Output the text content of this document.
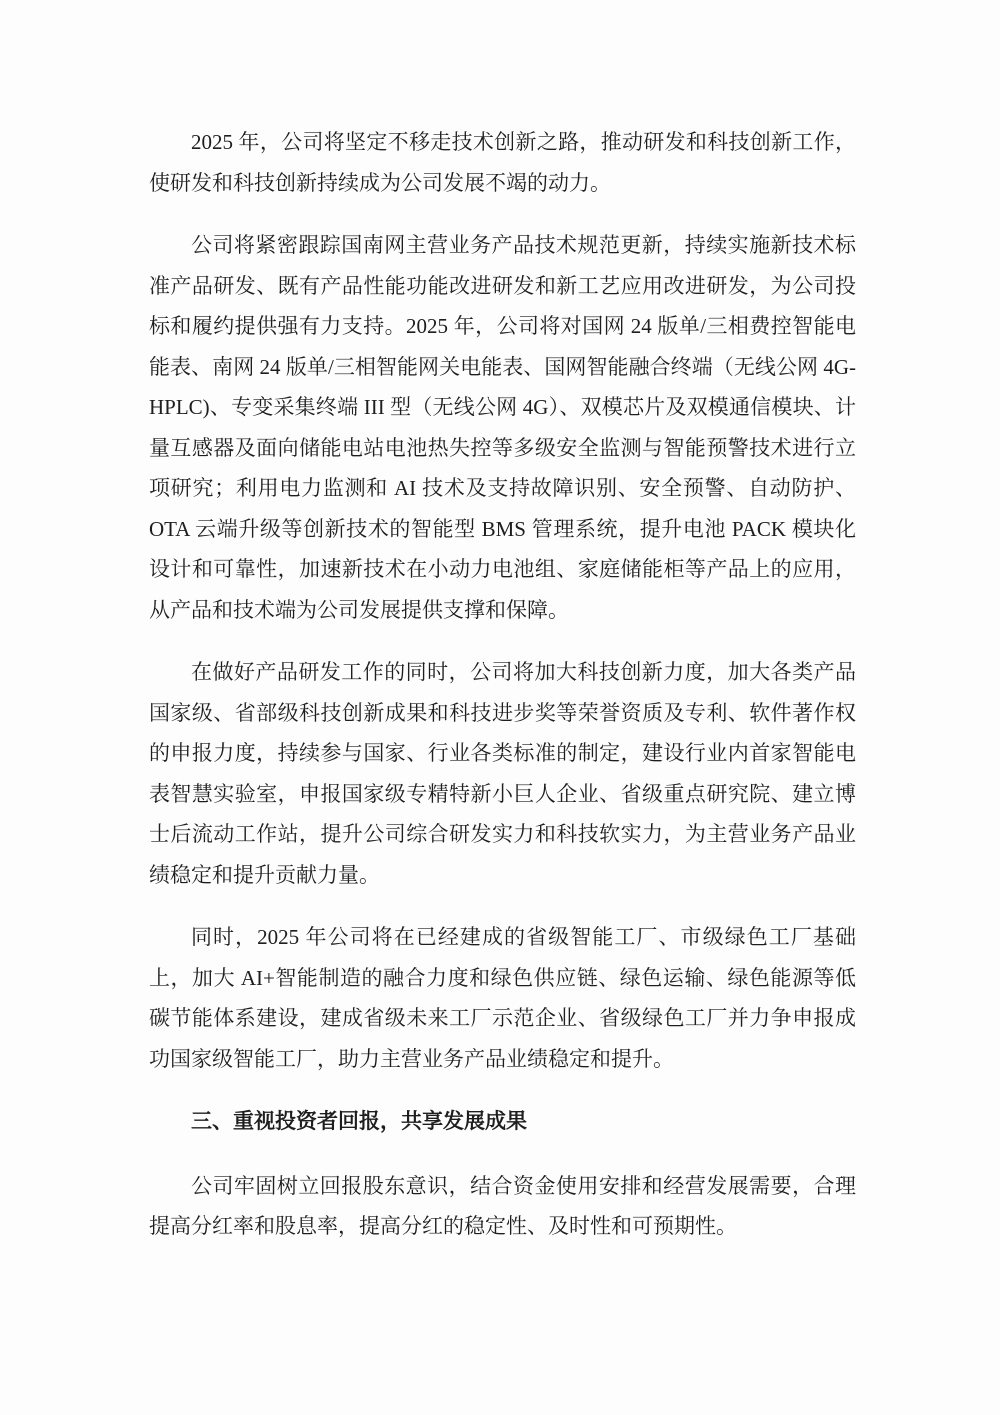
2025 年，公司将坚定不移走技术创新之路，推动研发和科技创新工作，使研发和科技创新持续成为公司发展不竭的动力。

公司将紧密跟踪国南网主营业务产品技术规范更新，持续实施新技术标准产品研发、既有产品性能功能改进研发和新工艺应用改进研发，为公司投标和履约提供强有力支持。2025 年，公司将对国网 24 版单/三相费控智能电能表、南网 24 版单/三相智能网关电能表、国网智能融合终端（无线公网 4G-HPLC)、专变采集终端 III 型（无线公网 4G）、双模芯片及双模通信模块、计量互感器及面向储能电站电池热失控等多级安全监测与智能预警技术进行立项研究；利用电力监测和 AI 技术及支持故障识别、安全预警、自动防护、OTA 云端升级等创新技术的智能型 BMS 管理系统，提升电池 PACK 模块化设计和可靠性，加速新技术在小动力电池组、家庭储能柜等产品上的应用，从产品和技术端为公司发展提供支撑和保障。

在做好产品研发工作的同时，公司将加大科技创新力度，加大各类产品国家级、省部级科技创新成果和科技进步奖等荣誉资质及专利、软件著作权的申报力度，持续参与国家、行业各类标准的制定，建设行业内首家智能电表智慧实验室，申报国家级专精特新小巨人企业、省级重点研究院、建立博士后流动工作站，提升公司综合研发实力和科技软实力，为主营业务产品业绩稳定和提升贡献力量。

同时，2025 年公司将在已经建成的省级智能工厂、市级绿色工厂基础上，加大 AI+智能制造的融合力度和绿色供应链、绿色运输、绿色能源等低碳节能体系建设，建成省级未来工厂示范企业、省级绿色工厂并力争申报成功国家级智能工厂，助力主营业务产品业绩稳定和提升。

三、重视投资者回报，共享发展成果

公司牢固树立回报股东意识，结合资金使用安排和经营发展需要，合理提高分红率和股息率，提高分红的稳定性、及时性和可预期性。
